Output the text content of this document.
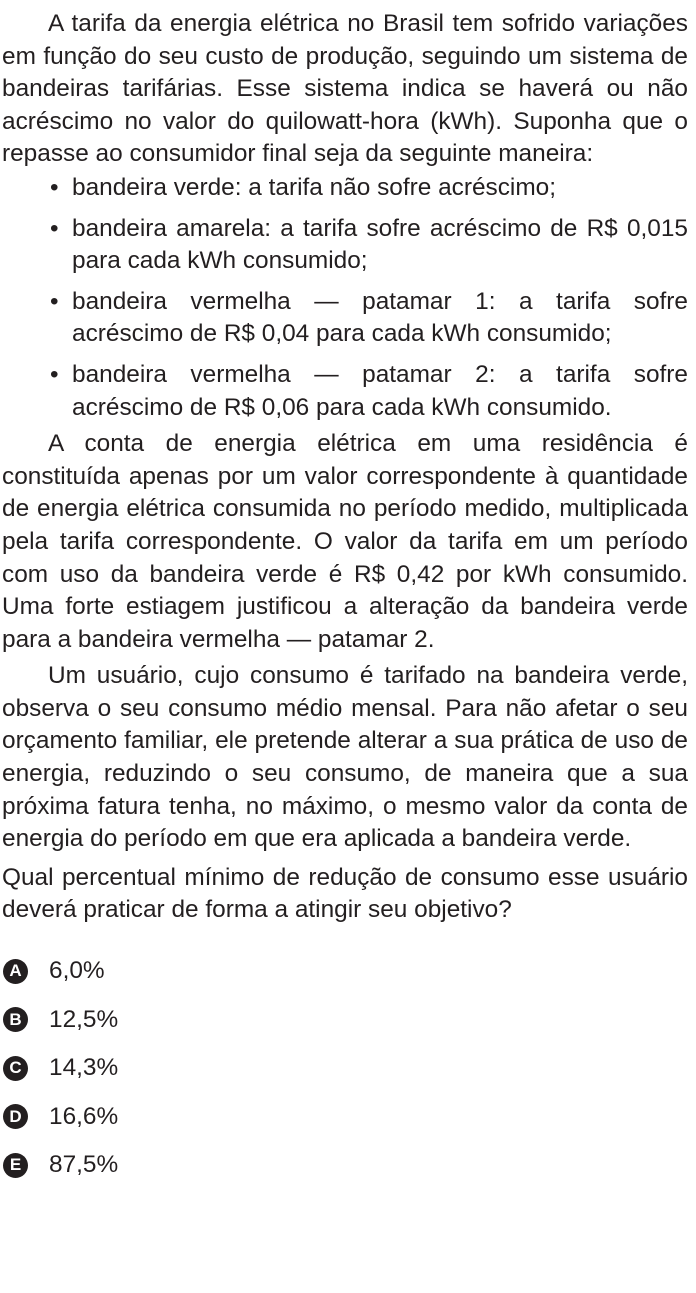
A tarifa da energia elétrica no Brasil tem sofrido variações em função do seu custo de produção, seguindo um sistema de bandeiras tarifárias. Esse sistema indica se haverá ou não acréscimo no valor do quilowatt-hora (kWh). Suponha que o repasse ao consumidor final seja da seguinte maneira:

• bandeira verde: a tarifa não sofre acréscimo;
• bandeira amarela: a tarifa sofre acréscimo de R$ 0,015 para cada kWh consumido;
• bandeira vermelha — patamar 1: a tarifa sofre acréscimo de R$ 0,04 para cada kWh consumido;
• bandeira vermelha — patamar 2: a tarifa sofre acréscimo de R$ 0,06 para cada kWh consumido.

A conta de energia elétrica em uma residência é constituída apenas por um valor correspondente à quantidade de energia elétrica consumida no período medido, multiplicada pela tarifa correspondente. O valor da tarifa em um período com uso da bandeira verde é R$ 0,42 por kWh consumido. Uma forte estiagem justificou a alteração da bandeira verde para a bandeira vermelha — patamar 2.

Um usuário, cujo consumo é tarifado na bandeira verde, observa o seu consumo médio mensal. Para não afetar o seu orçamento familiar, ele pretende alterar a sua prática de uso de energia, reduzindo o seu consumo, de maneira que a sua próxima fatura tenha, no máximo, o mesmo valor da conta de energia do período em que era aplicada a bandeira verde.

Qual percentual mínimo de redução de consumo esse usuário deverá praticar de forma a atingir seu objetivo?

A 6,0%
B 12,5%
C 14,3%
D 16,6%
E 87,5%
